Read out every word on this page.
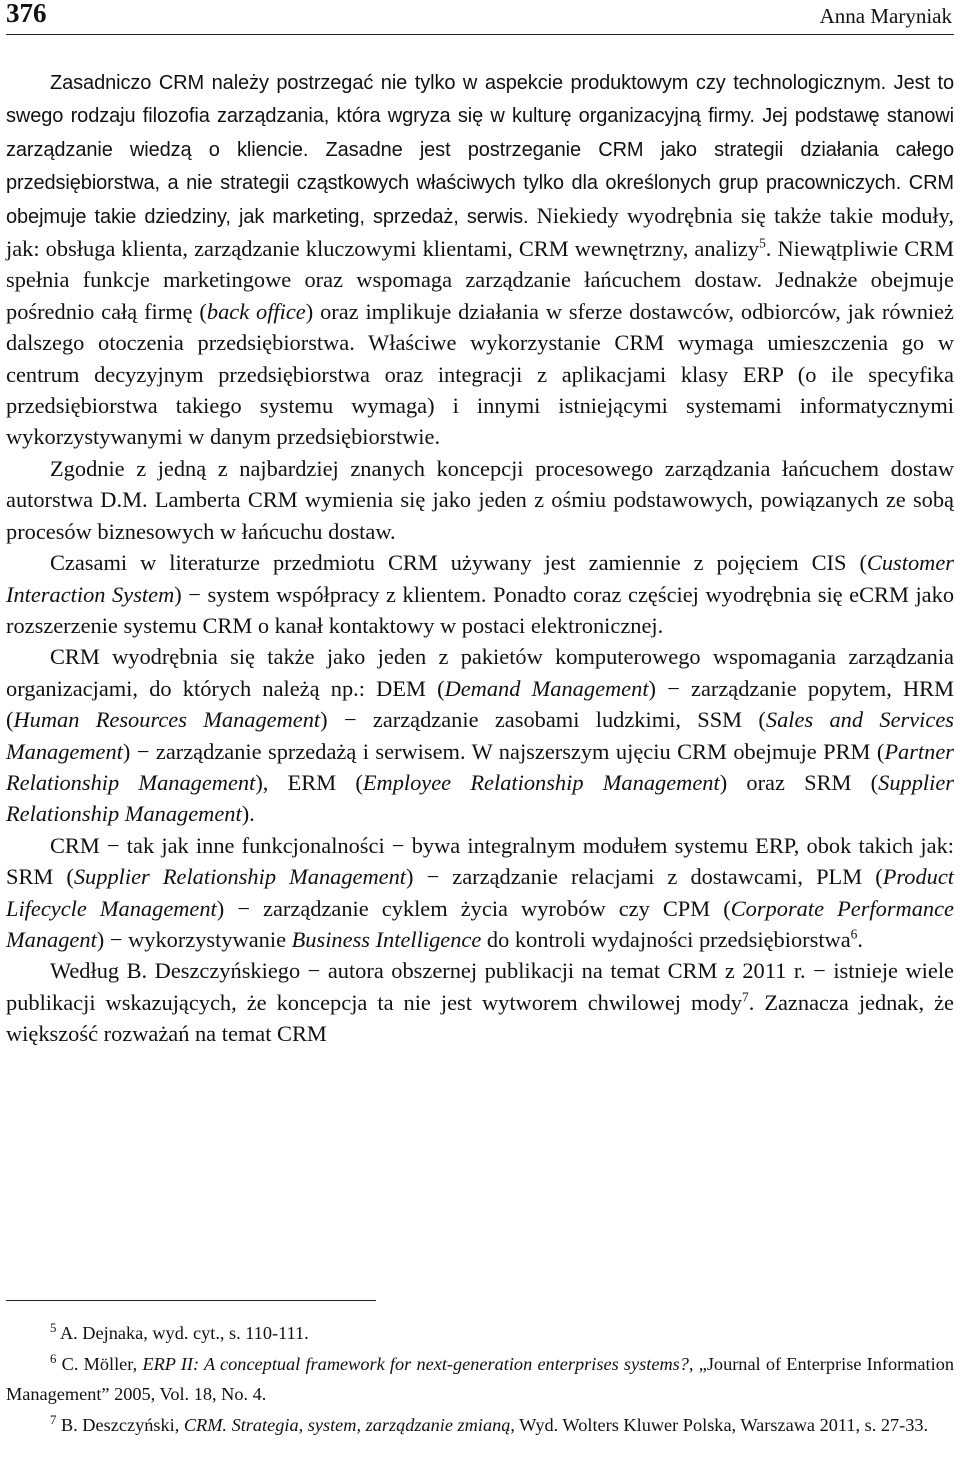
376	Anna Maryniak

Zasadniczo CRM należy postrzegać nie tylko w aspekcie produktowym czy technologicznym. Jest to swego rodzaju filozofia zarządzania, która wgryza się w kulturę organizacyjną firmy. Jej podstawę stanowi zarządzanie wiedzą o kliencie. Zasadne jest postrzeganie CRM jako strategii działania całego przedsiębiorstwa, a nie strategii cząstkowych właściwych tylko dla określonych grup pracowniczych. CRM obejmuje takie dziedziny, jak marketing, sprzedaż, serwis. Niekiedy wyodrębnia się także takie moduły, jak: obsługa klienta, zarządzanie kluczowymi klientami, CRM wewnętrzny, analizy$^5$. Niewątpliwie CRM spełnia funkcje marketingowe oraz wspomaga zarządzanie łańcuchem dostaw. Jednakże obejmuje pośrednio całą firmę (back office) oraz implikuje działania w sferze dostawców, odbiorców, jak również dalszego otoczenia przedsiębiorstwa. Właściwe wykorzystanie CRM wymaga umieszczenia go w centrum decyzyjnym przedsiębiorstwa oraz integracji z aplikacjami klasy ERP (o ile specyfika przedsiębiorstwa takiego systemu wymaga) i innymi istniejącymi systemami informatycznymi wykorzystywanymi w danym przedsiębiorstwie.

Zgodnie z jedną z najbardziej znanych koncepcji procesowego zarządzania łańcuchem dostaw autorstwa D.M. Lamberta CRM wymienia się jako jeden z ośmiu podstawowych, powiązanych ze sobą procesów biznesowych w łańcuchu dostaw.

Czasami w literaturze przedmiotu CRM używany jest zamiennie z pojęciem CIS (Customer Interaction System) − system współpracy z klientem. Ponadto coraz częściej wyodrębnia się eCRM jako rozszerzenie systemu CRM o kanał kontaktowy w postaci elektronicznej.

CRM wyodrębnia się także jako jeden z pakietów komputerowego wspomagania zarządzania organizacjami, do których należą np.: DEM (Demand Management) − zarządzanie popytem, HRM (Human Resources Management) − zarządzanie zasobami ludzkimi, SSM (Sales and Services Management) − zarządzanie sprzedażą i serwisem. W najszerszym ujęciu CRM obejmuje PRM (Partner Relationship Management), ERM (Employee Relationship Management) oraz SRM (Supplier Relationship Management).

CRM − tak jak inne funkcjonalności − bywa integralnym modułem systemu ERP, obok takich jak: SRM (Supplier Relationship Management) − zarządzanie relacjami z dostawcami, PLM (Product Lifecycle Management) − zarządzanie cyklem życia wyrobów czy CPM (Corporate Performance Managent) − wykorzystywanie Business Intelligence do kontroli wydajności przedsiębiorstwa$^6$.

Według B. Deszczyńskiego − autora obszernej publikacji na temat CRM z 2011 r. − istnieje wiele publikacji wskazujących, że koncepcja ta nie jest wytworem chwilowej mody$^7$. Zaznacza jednak, że większość rozważań na temat CRM

$^5$ A. Dejnaka, wyd. cyt., s. 110-111.

$^6$ C. Möller, ERP II: A conceptual framework for next-generation enterprises systems?, „Journal of Enterprise Information Management” 2005, Vol. 18, No. 4.

$^7$ B. Deszczyński, CRM. Strategia, system, zarządzanie zmianą, Wyd. Wolters Kluwer Polska, Warszawa 2011, s. 27-33.
